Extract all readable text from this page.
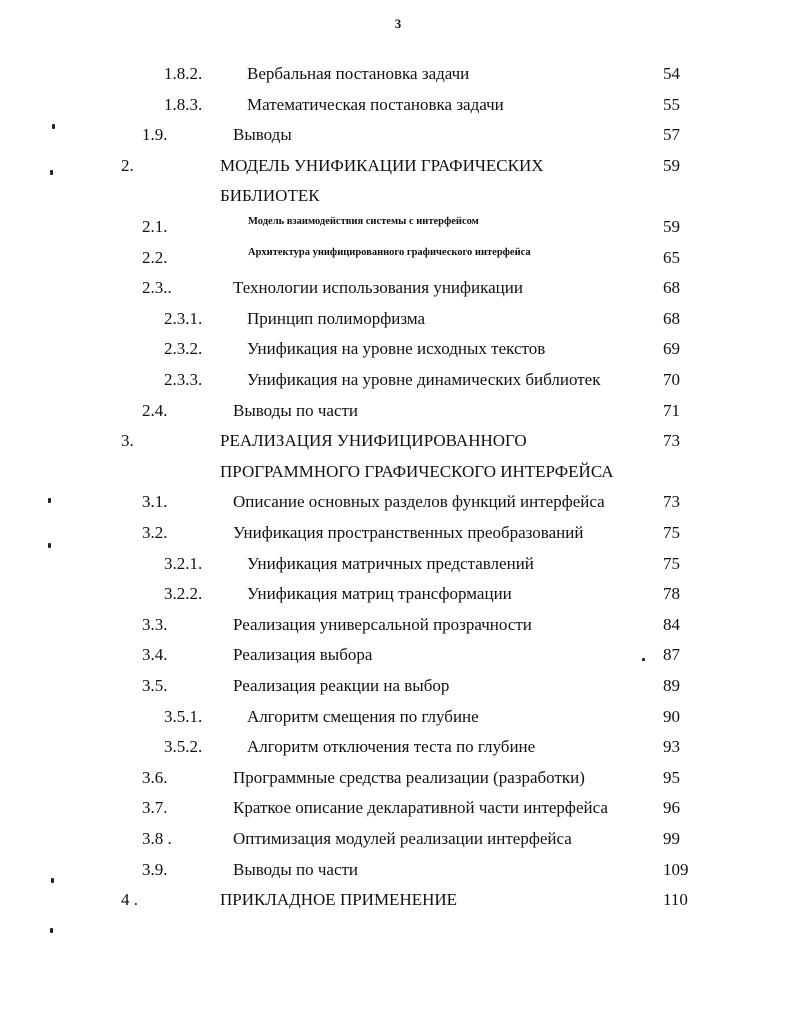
3
1.8.2.	Вербальная постановка задачи	54
1.8.3.	Математическая постановка задачи	55
1.9.	Выводы	57
2.	МОДЕЛЬ УНИФИКАЦИИ ГРАФИЧЕСКИХ	59
БИБЛИОТЕК
2.1.	Модель взаимодействия системы с интерфейсом	59
2.2.	Архитектура унифицированного графического интерфейса	65
2.3..	Технологии использования унификации	68
2.3.1.	Принцип полиморфизма	68
2.3.2.	Унификация на уровне исходных текстов	69
2.3.3.	Унификация на уровне динамических библиотек	70
2.4.	Выводы по части	71
3.	РЕАЛИЗАЦИЯ УНИФИЦИРОВАННОГО	73
ПРОГРАММНОГО ГРАФИЧЕСКОГО ИНТЕРФЕЙСА
3.1.	Описание основных разделов функций интерфейса	73
3.2.	Унификация пространственных преобразований	75
3.2.1.	Унификация матричных представлений	75
3.2.2.	Унификация матриц трансформации	78
3.3.	Реализация универсальной прозрачности	84
3.4.	Реализация выбора	87
3.5.	Реализация реакции на выбор	89
3.5.1.	Алгоритм смещения по глубине	90
3.5.2.	Алгоритм отключения теста по глубине	93
3.6.	Программные средства реализации (разработки)	95
3.7.	Краткое описание декларативной части интерфейса	96
3.8 .	Оптимизация модулей реализации интерфейса	99
3.9.	Выводы по части	109
4 .	ПРИКЛАДНОЕ ПРИМЕНЕНИЕ	110
